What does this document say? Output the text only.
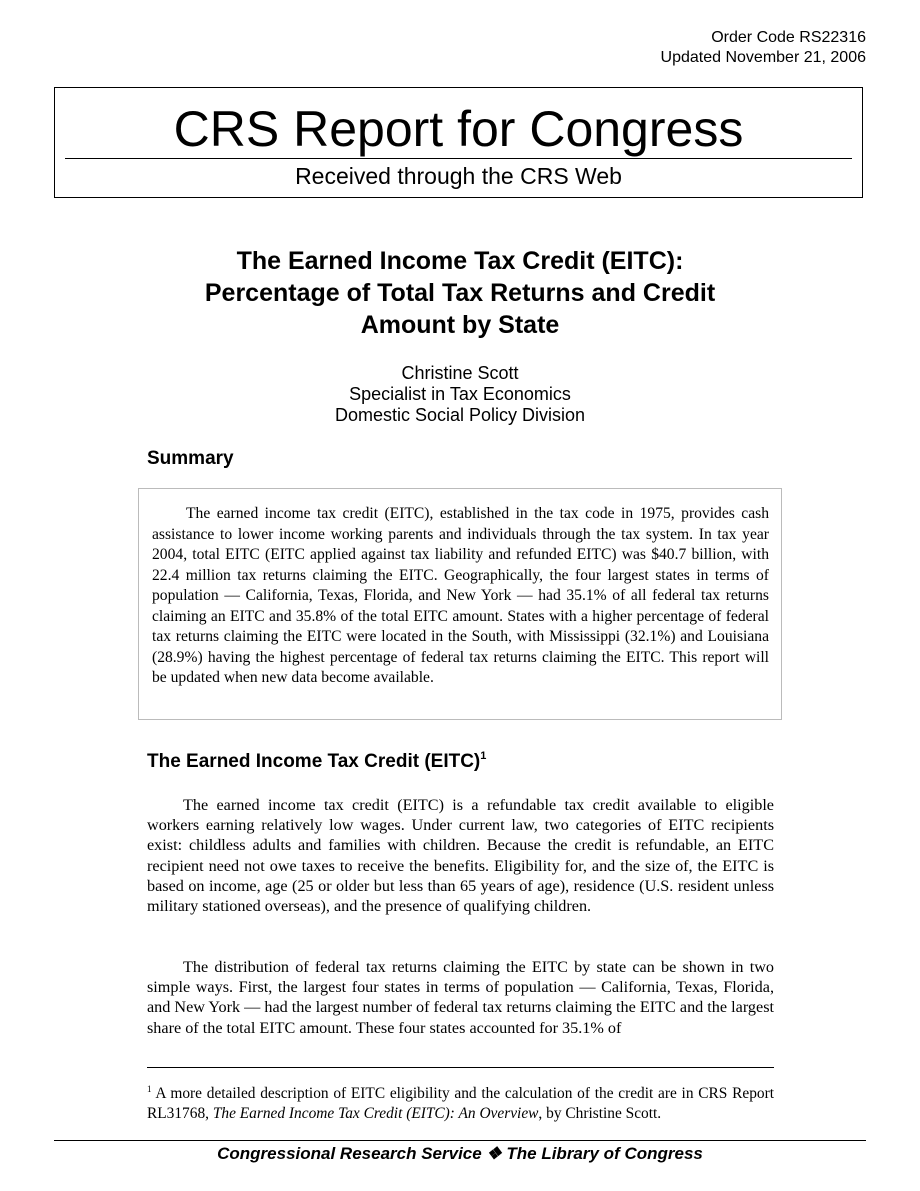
Order Code RS22316
Updated November 21, 2006
CRS Report for Congress
Received through the CRS Web
The Earned Income Tax Credit (EITC):
Percentage of Total Tax Returns and Credit
Amount by State
Christine Scott
Specialist in Tax Economics
Domestic Social Policy Division
Summary

The earned income tax credit (EITC), established in the tax code in 1975, provides cash assistance to lower income working parents and individuals through the tax system. In tax year 2004, total EITC (EITC applied against tax liability and refunded EITC) was $40.7 billion, with 22.4 million tax returns claiming the EITC. Geographically, the four largest states in terms of population — California, Texas, Florida, and New York — had 35.1% of all federal tax returns claiming an EITC and 35.8% of the total EITC amount. States with a higher percentage of federal tax returns claiming the EITC were located in the South, with Mississippi (32.1%) and Louisiana (28.9%) having the highest percentage of federal tax returns claiming the EITC. This report will be updated when new data become available.

The Earned Income Tax Credit (EITC)$^1$

The earned income tax credit (EITC) is a refundable tax credit available to eligible workers earning relatively low wages. Under current law, two categories of EITC recipients exist: childless adults and families with children. Because the credit is refundable, an EITC recipient need not owe taxes to receive the benefits. Eligibility for, and the size of, the EITC is based on income, age (25 or older but less than 65 years of age), residence (U.S. resident unless military stationed overseas), and the presence of qualifying children.

The distribution of federal tax returns claiming the EITC by state can be shown in two simple ways. First, the largest four states in terms of population — California, Texas, Florida, and New York — had the largest number of federal tax returns claiming the EITC and the largest share of the total EITC amount. These four states accounted for 35.1% of

$^1$ A more detailed description of EITC eligibility and the calculation of the credit are in CRS Report RL31768, The Earned Income Tax Credit (EITC): An Overview, by Christine Scott.

Congressional Research Service ❖ The Library of Congress
